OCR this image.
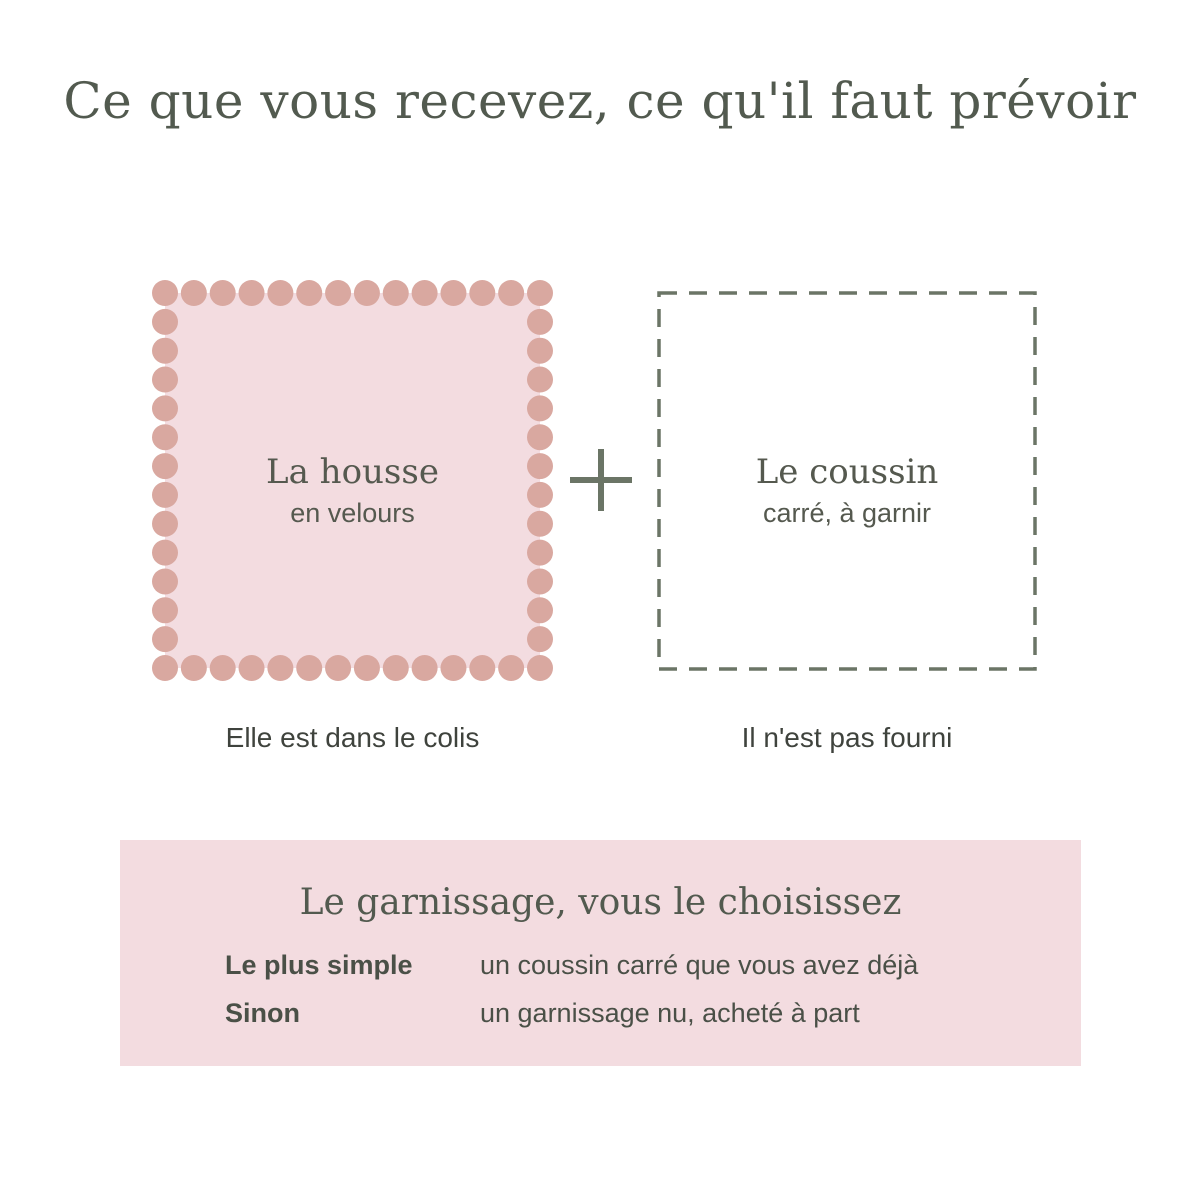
Ce que vous recevez, ce qu'il faut prévoir
La housse
en velours
Le coussin
carré, à garnir
Elle est dans le colis	Il n'est pas fourni
Le garnissage, vous le choisissez
Le plus simple un coussin carré que vous avez déjà
Sinon	un garnissage nu, acheté à part
